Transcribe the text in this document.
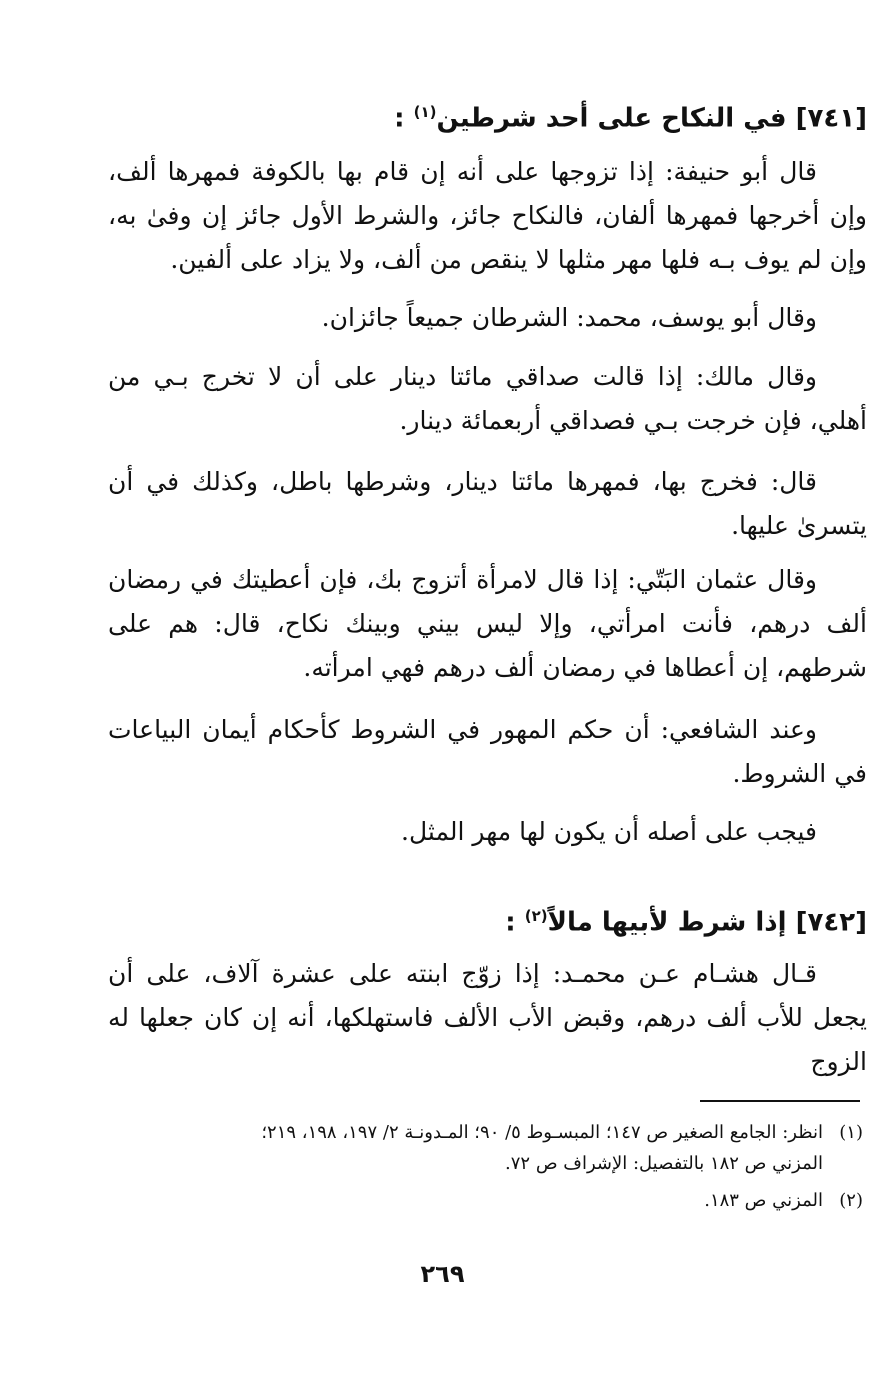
[٧٤١] في النكاح على أحد شرطين$^{(١)}$ :

قال أبو حنيفة: إذا تزوجها على أنه إن قام بها بالكوفة فمهرها ألف، وإن أخرجها فمهرها ألفان، فالنكاح جائز، والشرط الأول جائز إن وفىٰ به، وإن لم يوف بـه فلها مهر مثلها لا ينقص من ألف، ولا يزاد على ألفين.

وقال أبو يوسف، محمد: الشرطان جميعاً جائزان.

وقال مالك: إذا قالت صداقي مائتا دينار على أن لا تخرج بـي من أهلي، فإن خرجت بـي فصداقي أربعمائة دينار.

قال: فخرج بها، فمهرها مائتا دينار، وشرطها باطل، وكذلك في أن يتسرىٰ عليها.

وقال عثمان البَتّي: إذا قال لامرأة أتزوج بك، فإن أعطيتك في رمضان ألف درهم، فأنت امرأتي، وإلا ليس بيني وبينك نكاح، قال: هم على شرطهم، إن أعطاها في رمضان ألف درهم فهي امرأته.

وعند الشافعي: أن حكم المهور في الشروط كأحكام أيمان البياعات في الشروط.

فيجب على أصله أن يكون لها مهر المثل.

[٧٤٢] إذا شرط لأبيها مالاً$^{(٢)}$ :

قـال هشـام عـن محمـد: إذا زوّج ابنته على عشرة آلاف، على أن يجعل للأب ألف درهم، وقبض الأب الألف فاستهلكها، أنه إن كان جعلها له الزوج

(١)انظر: الجامع الصغير ص ١٤٧؛ المبسـوط ٥/ ٩٠؛ المـدونـة ٢/ ١٩٧، ١٩٨، ٢١٩؛
المزني ص ١٨٢ بالتفصيل: الإشراف ص ٧٢.
(٢)المزني ص ١٨٣.
٢٦٩
